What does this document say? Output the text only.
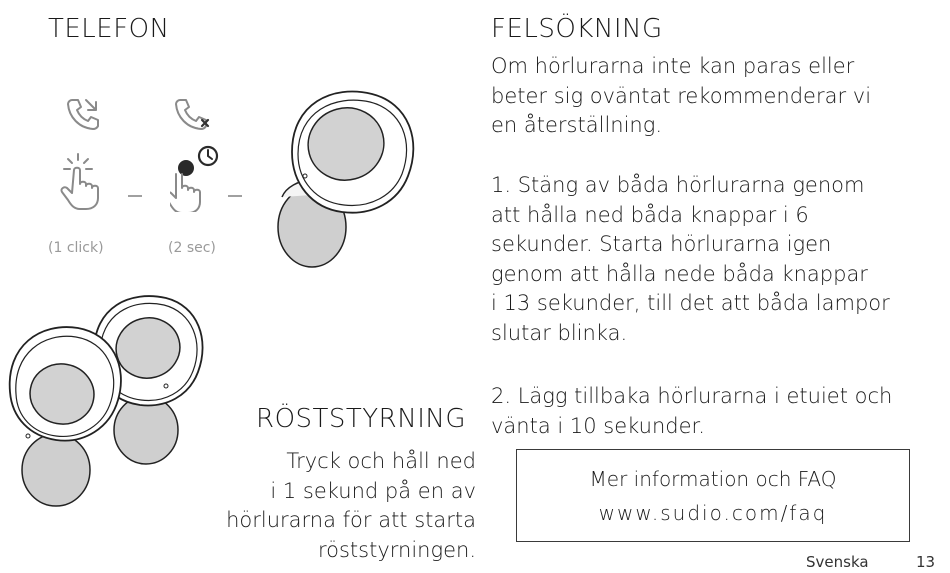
TELEFON
(1 click)	(2 sec)
RÖSTSTYRNING
Tryck och håll ned
i 1 sekund på en av
hörlurarna för att starta
röststyrningen.
FELSÖKNING
Om hörlurarna inte kan paras eller
beter sig oväntat rekommenderar vi
en återställning.
1. Stäng av båda hörlurarna genom
att hålla ned båda knappar i 6
sekunder. Starta hörlurarna igen
genom att hålla nede båda knappar
i 13 sekunder, till det att båda lampor
slutar blinka.
2. Lägg tillbaka hörlurarna i etuiet och
vänta i 10 sekunder.
Mer information och FAQ
www.sudio.com/faq
Svenska	13
